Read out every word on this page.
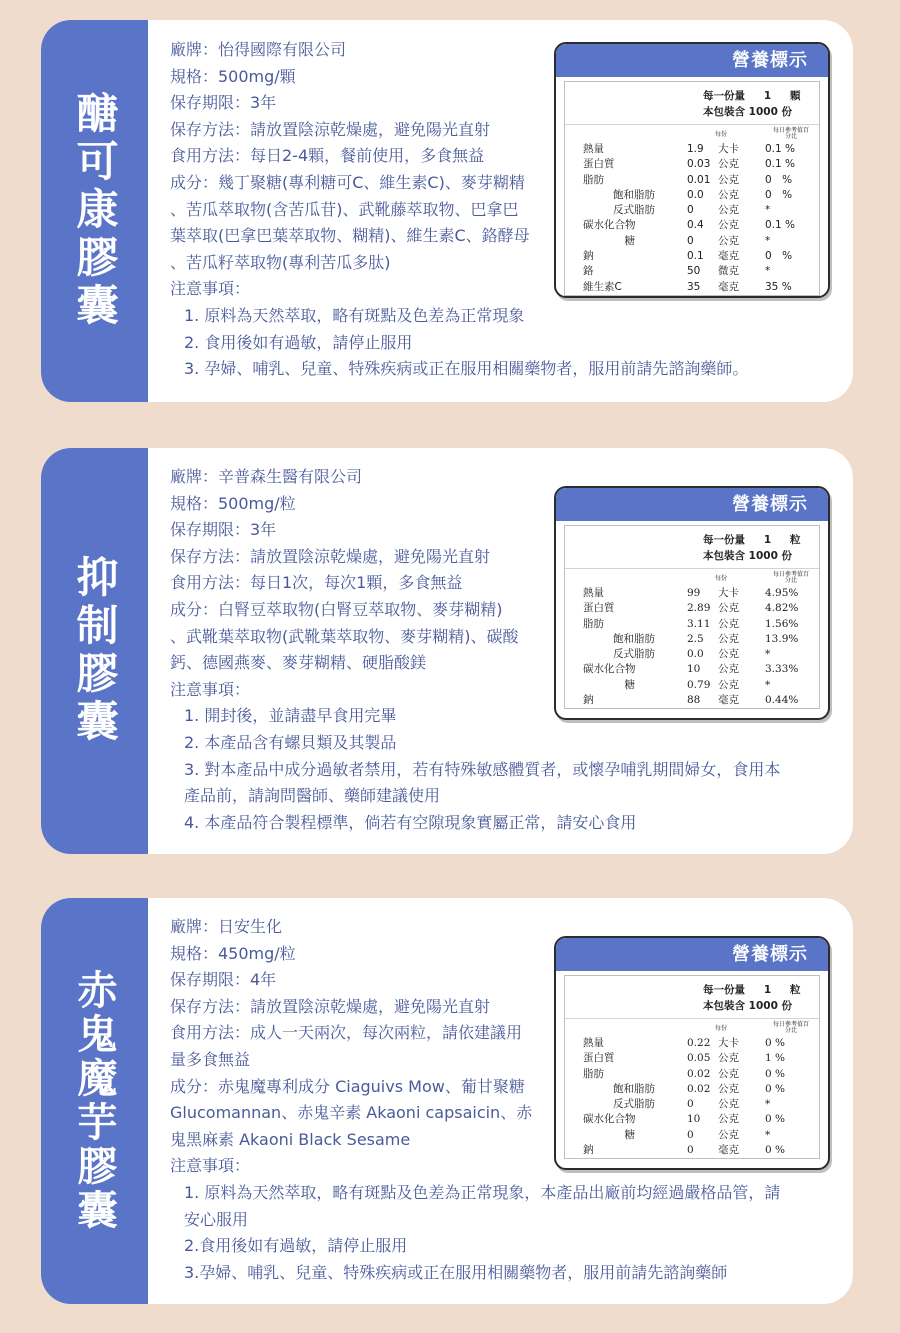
醣可康膠囊
廠牌：怡得國際有限公司
規格：500mg/顆
保存期限：3年
保存方法：請放置陰涼乾燥處，避免陽光直射
食用方法：每日2-4顆，餐前使用，多食無益
成分：幾丁聚糖(專利糖可C、維生素C)、麥芽糊精
、苦瓜萃取物(含苦瓜苷)、武靴藤萃取物、巴拿巴
葉萃取(巴拿巴葉萃取物、糊精)、維生素C、鉻酵母
、苦瓜籽萃取物(專利苦瓜多肽)
注意事項：
1. 原料為天然萃取，略有斑點及色差為正常現象
2. 食用後如有過敏，請停止服用
3. 孕婦、哺乳、兒童、特殊疾病或正在服用相關藥物者，服用前請先諮詢藥師。
營養標示
每一份量　 1　 顆
本包裝含 1000 份
每份
每日參考值百分比
熱量	1.9 大卡 0.1 %
蛋白質	0.03 公克 0.1 %
脂肪	0.01 公克 0　%
飽和脂肪	0.0 公克 0　%
反式脂肪	0 公克 *
碳水化合物	0.4 公克 0.1 %
糖	0 公克 *
鈉	0.1 毫克 0　%
鉻	50 微克 *
維生素C	35 毫克 35 %
抑制膠囊
廠牌：辛普森生醫有限公司
規格：500mg/粒
保存期限：3年
保存方法：請放置陰涼乾燥處，避免陽光直射
食用方法：每日1次，每次1顆，多食無益
成分：白腎豆萃取物(白腎豆萃取物、麥芽糊精)
、武靴葉萃取物(武靴葉萃取物、麥芽糊精)、碳酸
鈣、德國燕麥、麥芽糊精、硬脂酸鎂
注意事項：
1. 開封後，並請盡早食用完畢
2. 本產品含有螺貝類及其製品
3. 對本產品中成分過敏者禁用，若有特殊敏感體質者，或懷孕哺乳期間婦女，食用本
產品前，請詢問醫師、藥師建議使用
4. 本產品符合製程標準，倘若有空隙現象實屬正常，請安心食用
營養標示
每一份量　 1　 粒
本包裝含 1000 份
每份
每日參考值百分比
熱量	99 大卡 4.95%
蛋白質	2.89 公克 4.82%
脂肪	3.11 公克 1.56%
飽和脂肪	2.5 公克 13.9%
反式脂肪	0.0 公克 *
碳水化合物	10 公克 3.33%
糖	0.79 公克 *
鈉	88 毫克 0.44%
赤鬼魔芋膠囊
廠牌：日安生化
規格：450mg/粒
保存期限：4年
保存方法：請放置陰涼乾燥處，避免陽光直射
食用方法：成人一天兩次，每次兩粒，請依建議用
量多食無益
成分：赤鬼魔專利成分 Ciaguivs Mow、葡甘聚糖
Glucomannan、赤鬼辛素 Akaoni capsaicin、赤
鬼黑麻素 Akaoni Black Sesame
注意事項：
1. 原料為天然萃取，略有斑點及色差為正常現象，本產品出廠前均經過嚴格品管，請
安心服用
2.食用後如有過敏，請停止服用
3.孕婦、哺乳、兒童、特殊疾病或正在服用相關藥物者，服用前請先諮詢藥師
營養標示
每一份量　 1　 粒
本包裝含 1000 份
每份
每日參考值百分比
熱量	0.22 大卡 0 %
蛋白質	0.05 公克 1 %
脂肪	0.02 公克 0 %
飽和脂肪	0.02 公克 0 %
反式脂肪	0 公克 *
碳水化合物	10 公克 0 %
糖	0 公克 *
鈉	0 毫克 0 %
